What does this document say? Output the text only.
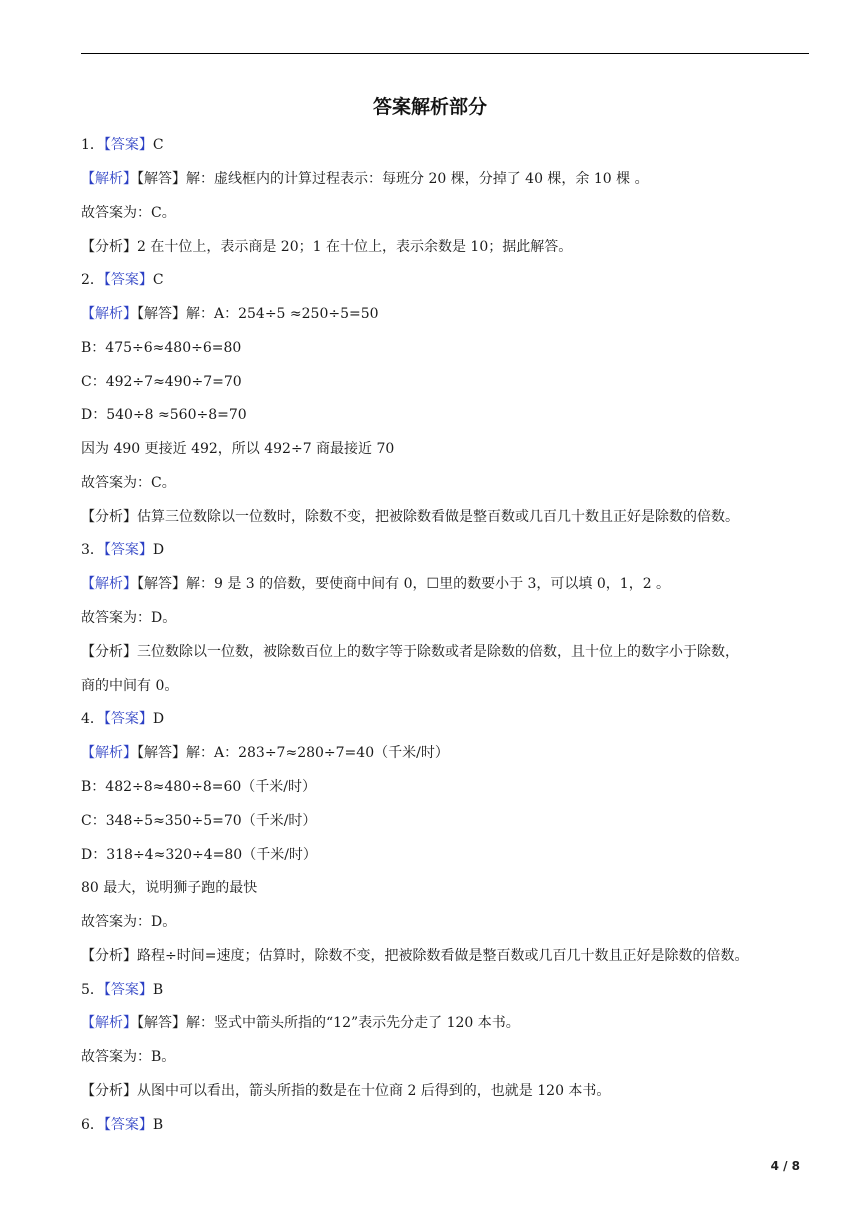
答案解析部分
1．【答案】C
【解析】【解答】解：虚线框内的计算过程表示：每班分 20 棵，分掉了 40 棵，余 10 棵 。
故答案为：C。
【分析】2 在十位上，表示商是 20；1 在十位上，表示余数是 10；据此解答。
2．【答案】C
【解析】【解答】解：A：254÷5 ≈250÷5=50
B：475÷6≈480÷6=80
C：492÷7≈490÷7=70
D：540÷8 ≈560÷8=70
因为 490 更接近 492，所以 492÷7 商最接近 70
故答案为：C。
【分析】估算三位数除以一位数时，除数不变，把被除数看做是整百数或几百几十数且正好是除数的倍数。
3．【答案】D
【解析】【解答】解：9 是 3 的倍数，要使商中间有 0，☐里的数要小于 3，可以填 0，1，2 。
故答案为：D。
【分析】三位数除以一位数，被除数百位上的数字等于除数或者是除数的倍数，且十位上的数字小于除数，
商的中间有 0。
4．【答案】D
【解析】【解答】解：A：283÷7≈280÷7=40（千米/时）
B：482÷8≈480÷8=60（千米/时）
C：348÷5≈350÷5=70（千米/时）
D：318÷4≈320÷4=80（千米/时）
80 最大，说明狮子跑的最快
故答案为：D。
【分析】路程÷时间=速度；估算时，除数不变，把被除数看做是整百数或几百几十数且正好是除数的倍数。
5．【答案】B
【解析】【解答】解：竖式中箭头所指的“12”表示先分走了 120 本书。
故答案为：B。
【分析】从图中可以看出，箭头所指的数是在十位商 2 后得到的，也就是 120 本书。
6．【答案】B
4 / 8
